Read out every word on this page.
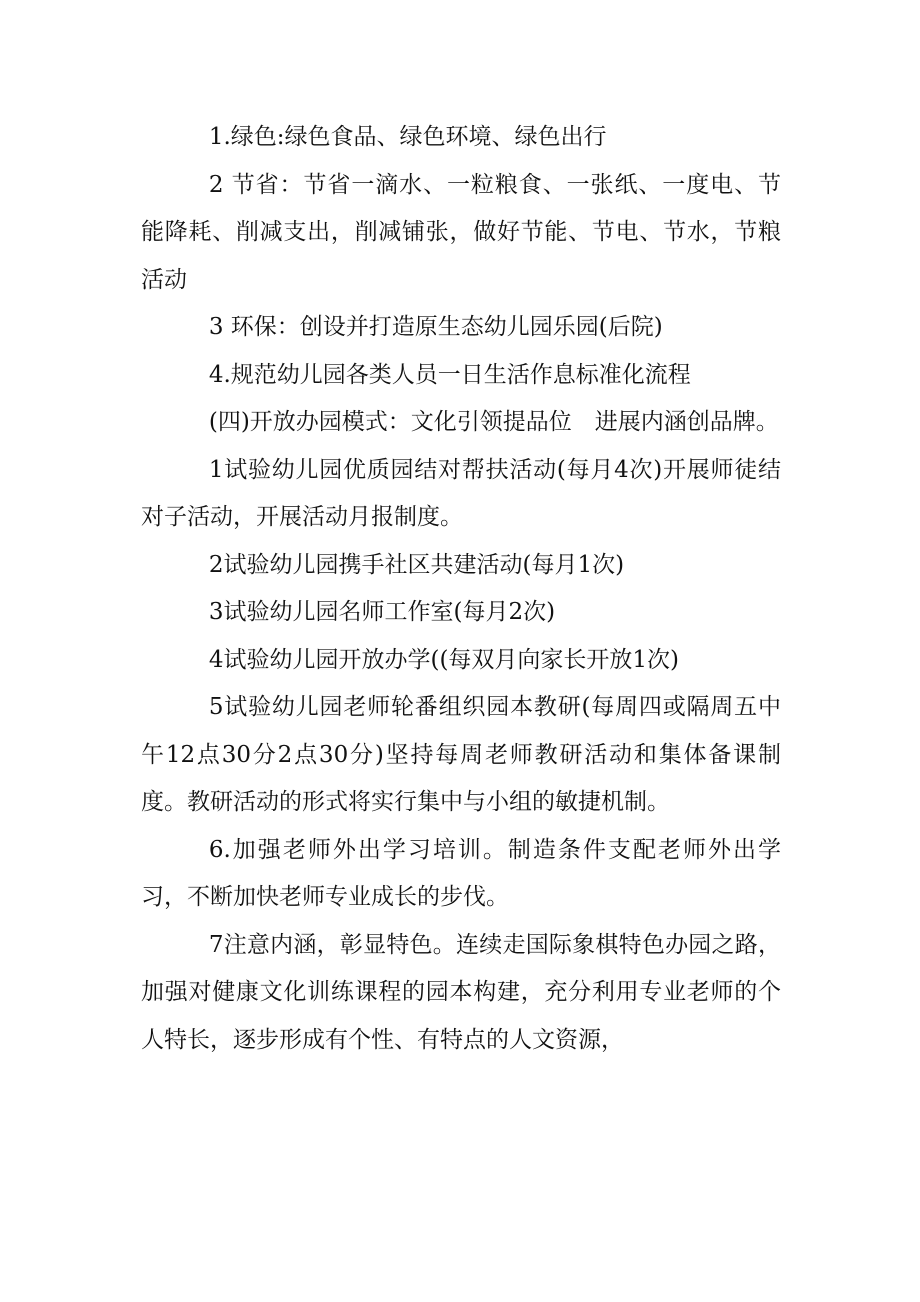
1.绿色:绿色食品、绿色环境、绿色出行

2 节省：节省一滴水、一粒粮食、一张纸、一度电、节能降耗、削减支出，削减铺张，做好节能、节电、节水，节粮活动

3 环保：创设并打造原生态幼儿园乐园(后院)

4.规范幼儿园各类人员一日生活作息标准化流程

(四)开放办园模式：文化引领提品位　进展内涵创品牌。

1试验幼儿园优质园结对帮扶活动(每月4次)开展师徒结对子活动，开展活动月报制度。

2试验幼儿园携手社区共建活动(每月1次)

3试验幼儿园名师工作室(每月2次)

4试验幼儿园开放办学((每双月向家长开放1次)

5试验幼儿园老师轮番组织园本教研(每周四或隔周五中午12点30分2点30分)坚持每周老师教研活动和集体备课制度。教研活动的形式将实行集中与小组的敏捷机制。

6.加强老师外出学习培训。制造条件支配老师外出学习，不断加快老师专业成长的步伐。

7注意内涵，彰显特色。连续走国际象棋特色办园之路，加强对健康文化训练课程的园本构建，充分利用专业老师的个人特长，逐步形成有个性、有特点的人文资源，
